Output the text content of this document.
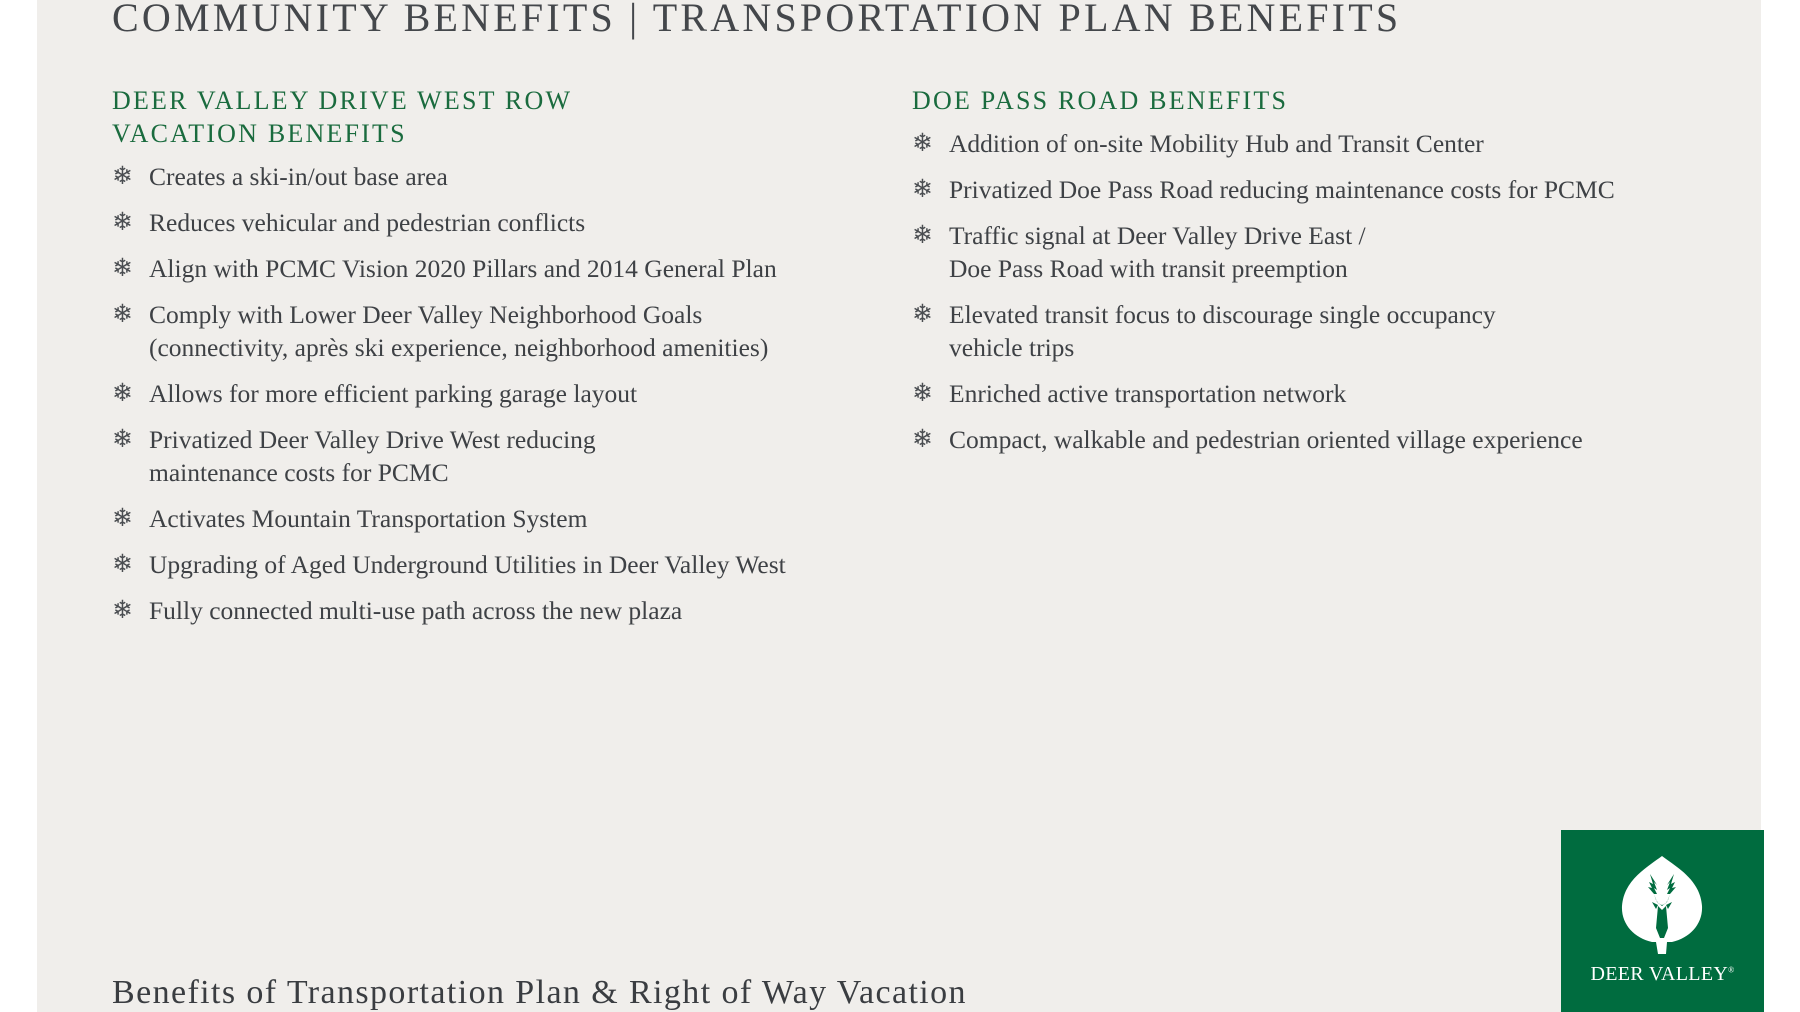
COMMUNITY BENEFITS | TRANSPORTATION PLAN BENEFITS
DEER VALLEY DRIVE WEST ROW
VACATION BENEFITS
❄ Creates a ski-in/out base area
❄ Reduces vehicular and pedestrian conflicts
❄ Align with PCMC Vision 2020 Pillars and 2014 General Plan
❄ Comply with Lower Deer Valley Neighborhood Goals
(connectivity, après ski experience, neighborhood amenities)
❄ Allows for more efficient parking garage layout
❄ Privatized Deer Valley Drive West reducing
maintenance costs for PCMC
❄ Activates Mountain Transportation System
❄ Upgrading of Aged Underground Utilities in Deer Valley West
❄ Fully connected multi-use path across the new plaza
DOE PASS ROAD BENEFITS
❄ Addition of on-site Mobility Hub and Transit Center
❄ Privatized Doe Pass Road reducing maintenance costs for PCMC
❄ Traffic signal at Deer Valley Drive East /
Doe Pass Road with transit preemption
❄ Elevated transit focus to discourage single occupancy
vehicle trips
❄ Enriched active transportation network
❄ Compact, walkable and pedestrian oriented village experience
Benefits of Transportation Plan & Right of Way Vacation	DEER VALLEY®
